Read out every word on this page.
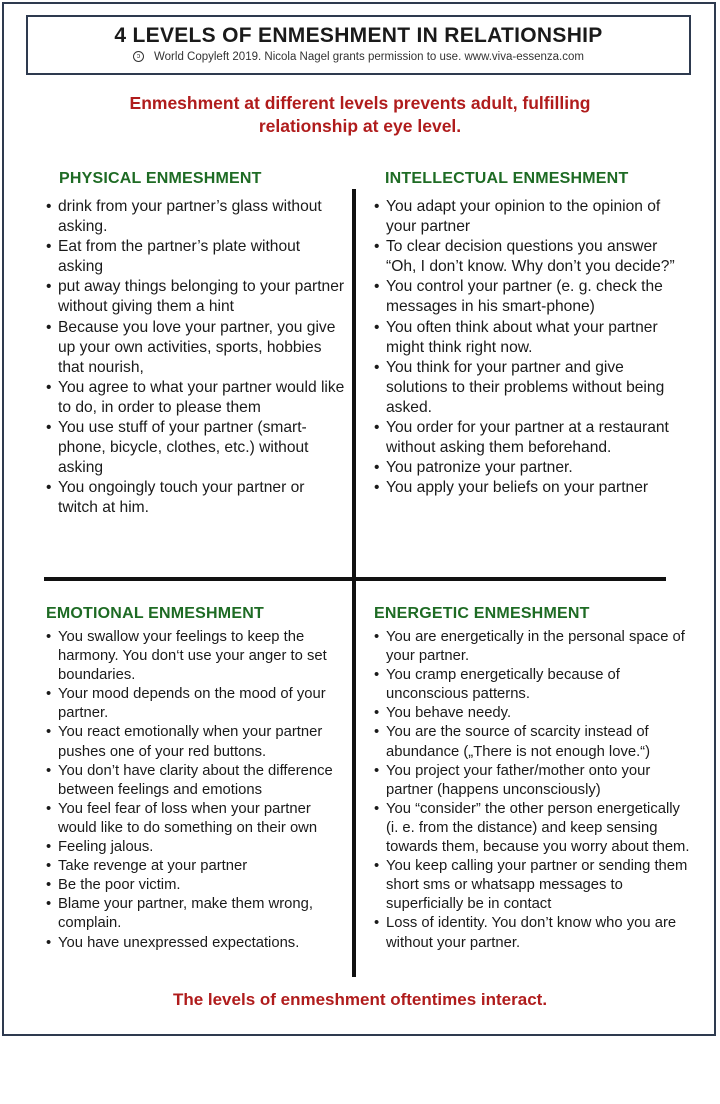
4 LEVELS OF ENMESHMENT IN RELATIONSHIP
ɔ World Copyleft 2019. Nicola Nagel grants permission to use. www.viva-essenza.com
Enmeshment at different levels prevents adult, fulfilling
relationship at eye level.
PHYSICAL ENMESHMENT
• drink from your partner’s glass without asking.
• Eat from the partner’s plate without asking
• put away things belonging to your partner without giving them a hint
• Because you love your partner, you give up your own activities, sports, hobbies that nourish,
• You agree to what your partner would like to do, in order to please them
• You use stuff of your partner (smart-phone, bicycle, clothes, etc.) without asking
• You ongoingly touch your partner or twitch at him.
INTELLECTUAL ENMESHMENT
• You adapt your opinion to the opinion of your partner
• To clear decision questions you answer “Oh, I don’t know. Why don’t you decide?”
• You control your partner (e. g. check the messages in his smart-phone)
• You often think about what your partner might think right now.
• You think for your partner and give solutions to their problems without being asked.
• You order for your partner at a restaurant without asking them beforehand.
• You patronize your partner.
• You apply your beliefs on your partner
EMOTIONAL ENMESHMENT
• You swallow your feelings to keep the harmony. You don‘t use your anger to set boundaries.
• Your mood depends on the mood of your partner.
• You react emotionally when your partner pushes one of your red buttons.
• You don’t have clarity about the difference between feelings and emotions
• You feel fear of loss when your partner would like to do something on their own
• Feeling jalous.
• Take revenge at your partner
• Be the poor victim.
• Blame your partner, make them wrong, complain.
• You have unexpressed expectations.
ENERGETIC ENMESHMENT
• You are energetically in the personal space of your partner.
• You cramp energetically because of unconscious patterns.
• You behave needy.
• You are the source of scarcity instead of abundance („There is not enough love.“)
• You project your father/mother onto your partner (happens unconsciously)
• You “consider” the other person energetically (i. e. from the distance) and keep sensing towards them, because you worry about them.
• You keep calling your partner or sending them short sms or whatsapp messages to superficially be in contact
• Loss of identity. You don’t know who you are without your partner.
The levels of enmeshment oftentimes interact.
